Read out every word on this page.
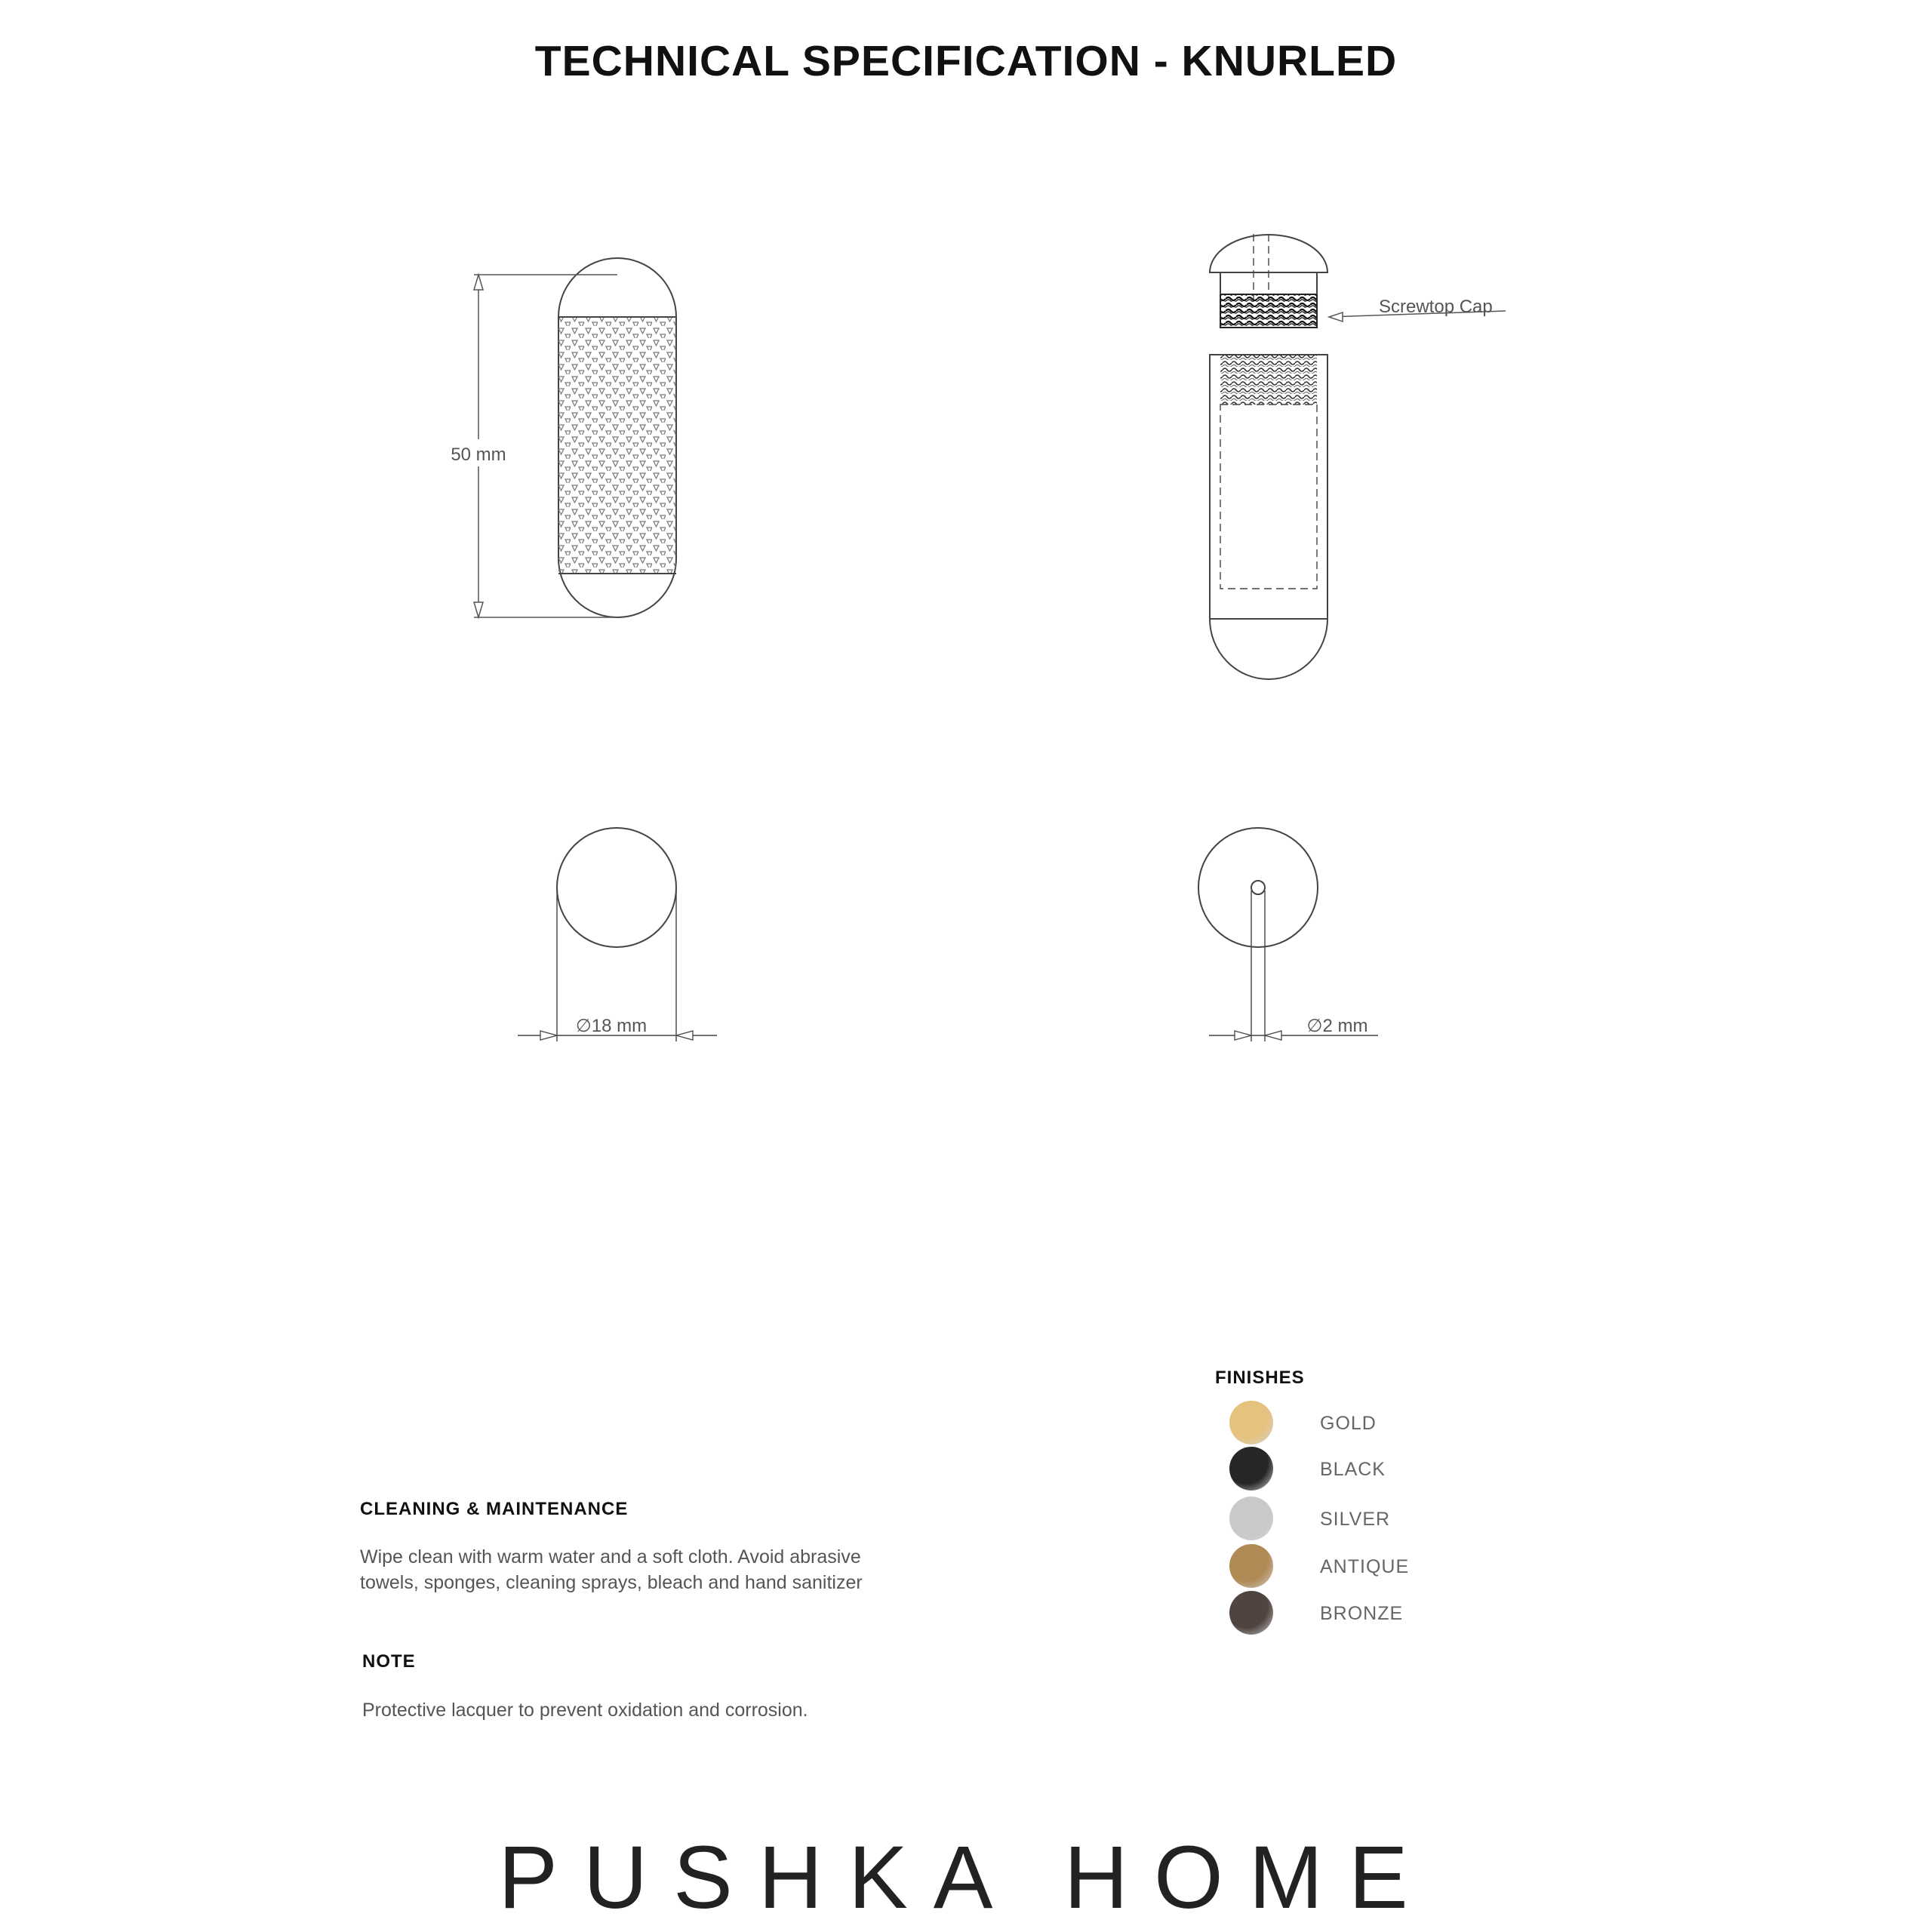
TECHNICAL SPECIFICATION - KNURLED
50 mm
Screwtop Cap
∅18 mm	∅2 mm
FINISHES
GOLD
BLACK
SILVER
ANTIQUE
BRONZE
CLEANING & MAINTENANCE
Wipe clean with warm water and a soft cloth. Avoid abrasive
towels, sponges, cleaning sprays, bleach and hand sanitizer
NOTE
Protective lacquer to prevent oxidation and corrosion.
PUSHKA HOME
